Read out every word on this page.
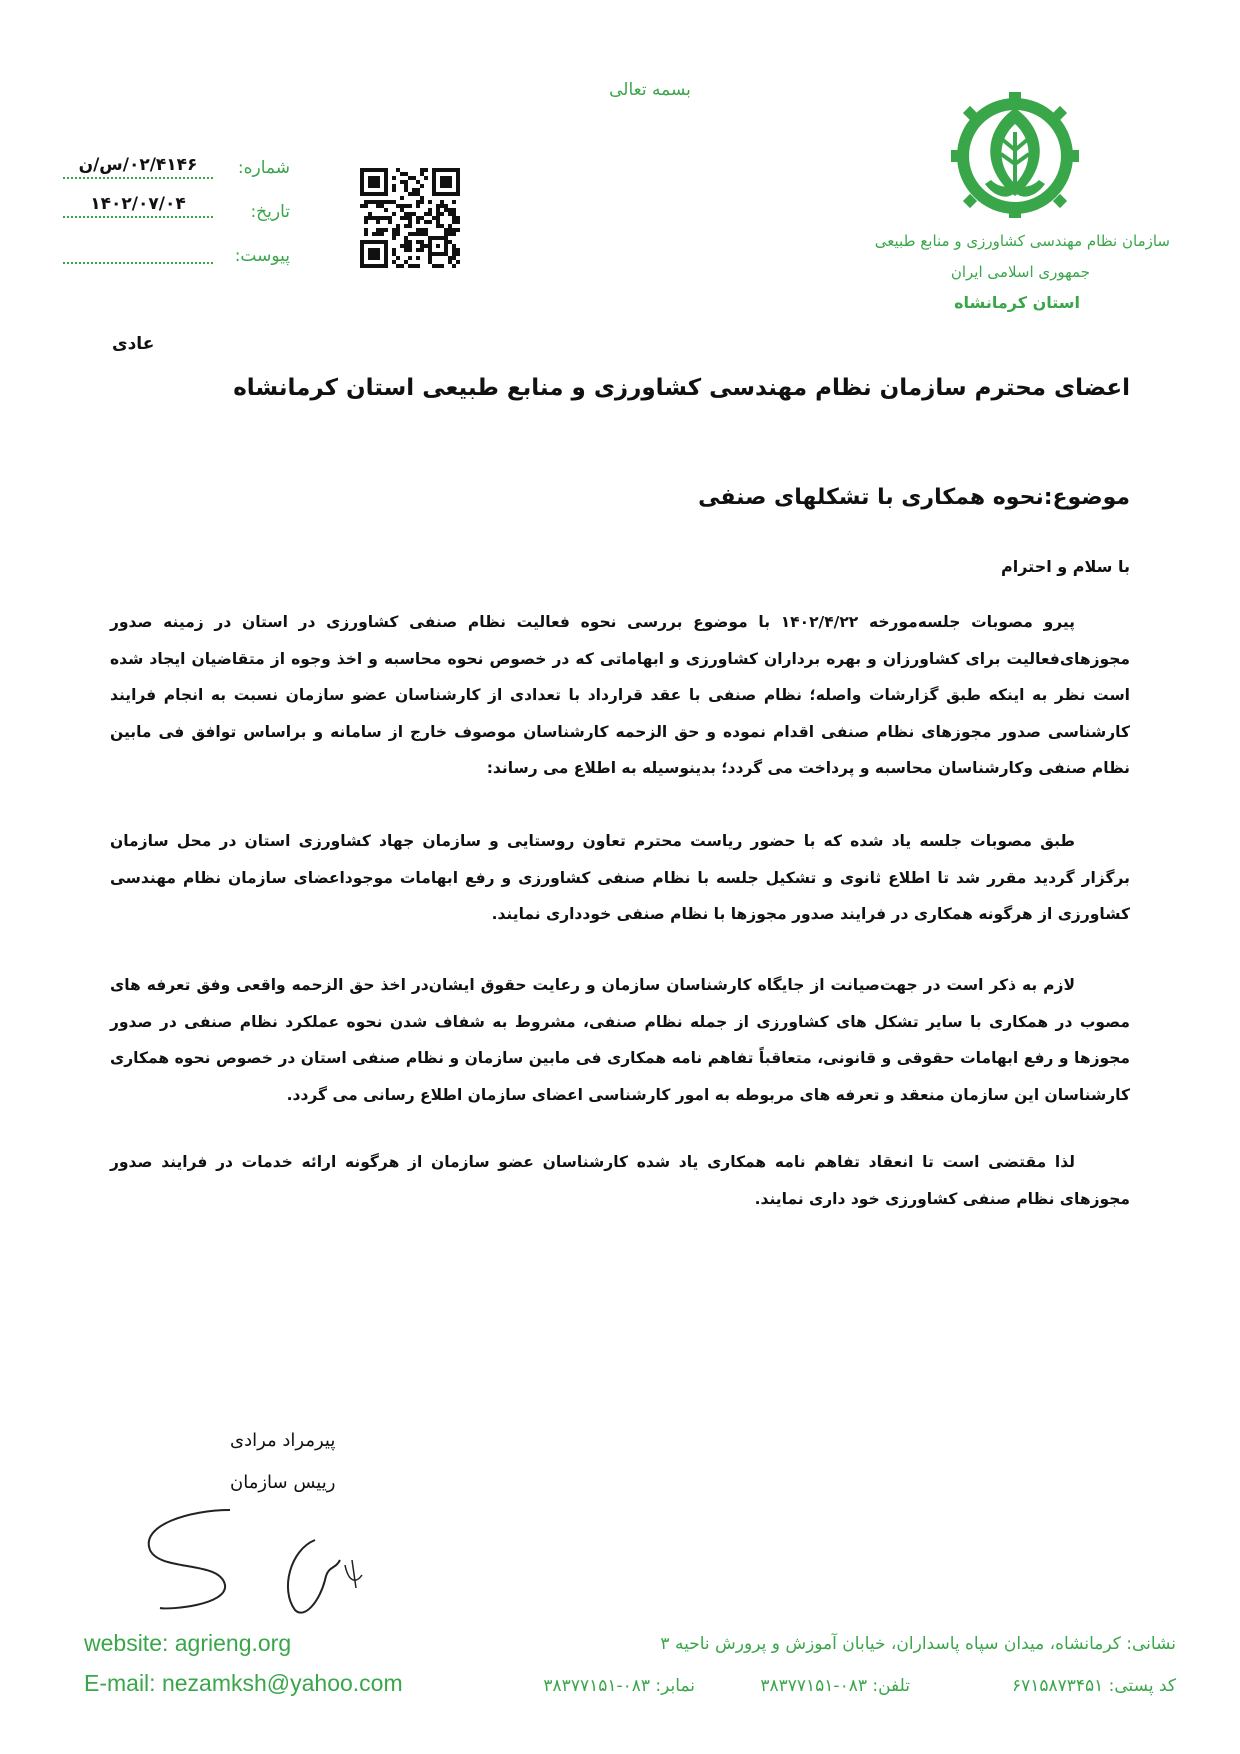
بسمه تعالی
سازمان نظام مهندسی کشاورزی و منابع طبیعی
جمهوری اسلامی ایران
استان کرمانشاه
شماره:
۰۲/۴۱۴۶/س/ن
تاریخ:
۱۴۰۲/۰۷/۰۴
پیوست:
عادی
اعضای محترم سازمان نظام مهندسی کشاورزی و منابع طبیعی استان کرمانشاه
موضوع:نحوه همکاری با تشکلهای صنفی
با سلام و احترام
پیرو مصوبات جلسه‌مورخه ۱۴۰۲/۴/۲۲ با موضوع بررسی نحوه فعالیت نظام صنفی کشاورزی در استان در زمینه صدور مجوزهای‌فعالیت برای کشاورزان و بهره برداران کشاورزی و ابهاماتی که در خصوص نحوه محاسبه و اخذ وجوه از متقاضیان ایجاد شده است نظر به اینکه طبق گزارشات واصله؛ نظام صنفی با عقد قرارداد با تعدادی از کارشناسان عضو سازمان نسبت به انجام فرایند کارشناسی صدور مجوزهای نظام صنفی اقدام نموده و حق الزحمه کارشناسان موصوف خارج از سامانه و براساس توافق فی مابین نظام صنفی وکارشناسان محاسبه و پرداخت می گردد؛ بدینوسیله به اطلاع می رساند:
طبق مصوبات جلسه یاد شده که با حضور ریاست محترم تعاون روستایی و سازمان جهاد کشاورزی استان در محل سازمان برگزار گردید مقرر شد تا اطلاع ثانوی و تشکیل جلسه با نظام صنفی کشاورزی و رفع ابهامات موجوداعضای سازمان نظام مهندسی کشاورزی از هرگونه همکاری در فرایند صدور مجوزها با نظام صنفی خودداری نمایند.
لازم به ذکر است در جهت‌صیانت از جایگاه کارشناسان سازمان و رعایت حقوق ایشان‌در اخذ حق الزحمه واقعی وفق تعرفه های مصوب در همکاری با سایر تشکل های کشاورزی از جمله نظام صنفی، مشروط به شفاف شدن نحوه عملکرد نظام صنفی در صدور مجوزها و رفع ابهامات حقوقی و قانونی، متعاقباً تفاهم نامه همکاری فی مابین سازمان و نظام صنفی استان در خصوص نحوه همکاری کارشناسان این سازمان منعقد و تعرفه های مربوطه به امور کارشناسی اعضای سازمان اطلاع رسانی می گردد.
لذا مقتضی است تا انعقاد تفاهم نامه همکاری یاد شده کارشناسان عضو سازمان از هرگونه ارائه خدمات در فرایند صدور مجوزهای نظام صنفی کشاورزی خود داری نمایند.
پیرمراد مرادی
رییس سازمان
website: agrieng.org
E-mail: nezamksh@yahoo.com
نشانی: کرمانشاه، میدان سپاه پاسداران، خیابان آموزش و پرورش ناحیه ۳
کد پستی: ۶۷۱۵۸۷۳۴۵۱
تلفن: ۰۸۳-۳۸۳۷۷۱۵۱
نمابر: ۰۸۳-۳۸۳۷۷۱۵۱
